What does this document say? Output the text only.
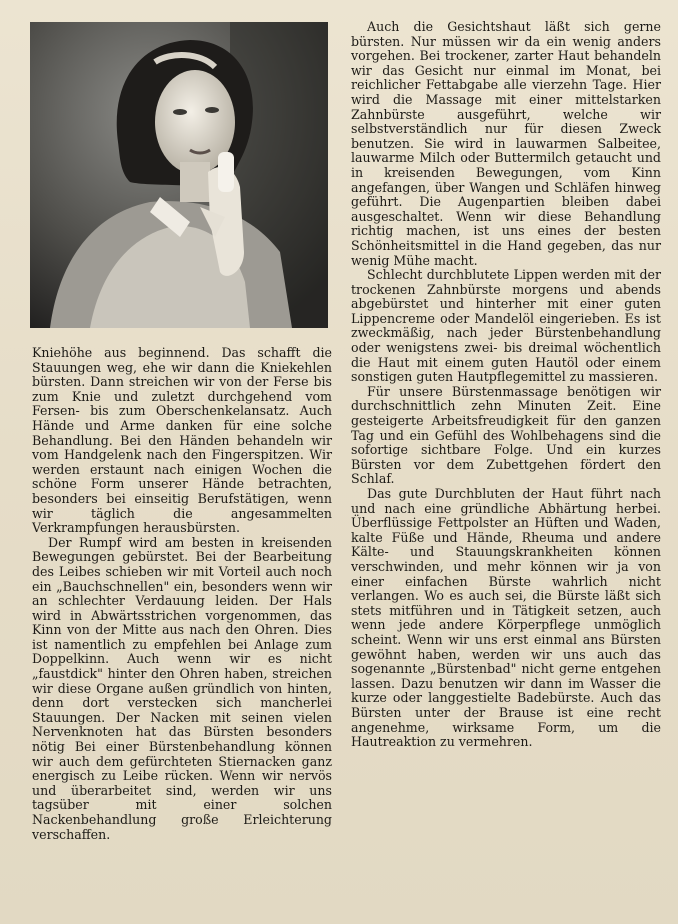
Kniehöhe aus beginnend. Das schafft die Stauungen weg, ehe wir dann die Kniekehlen bürsten. Dann streichen wir von der Ferse bis zum Knie und zuletzt durchgehend vom Fersen- bis zum Oberschenkelansatz. Auch Hände und Arme danken für eine solche Behandlung. Bei den Händen behandeln wir vom Handgelenk nach den Fingerspitzen. Wir werden erstaunt nach einigen Wochen die schöne Form unserer Hände betrachten, besonders bei einseitig Berufstätigen, wenn wir täglich die angesammelten Verkrampfungen herausbürsten.

Der Rumpf wird am besten in kreisenden Bewegungen gebürstet. Bei der Bearbeitung des Leibes schieben wir mit Vorteil auch noch ein „Bauchschnellen" ein, besonders wenn wir an schlechter Verdauung leiden. Der Hals wird in Abwärtsstrichen vorgenommen, das Kinn von der Mitte aus nach den Ohren. Dies ist namentlich zu empfehlen bei Anlage zum Doppelkinn. Auch wenn wir es nicht „faustdick" hinter den Ohren haben, streichen wir diese Organe außen gründlich von hinten, denn dort verstecken sich mancherlei Stauungen. Der Nacken mit seinen vielen Nervenknoten hat das Bürsten besonders nötig Bei einer Bürstenbehandlung können wir auch dem gefürchteten Stiernacken ganz energisch zu Leibe rücken. Wenn wir nervös und überarbeitet sind, werden wir uns tagsüber mit einer solchen Nackenbehandlung große Erleichterung verschaffen.

Auch die Gesichtshaut läßt sich gerne bürsten. Nur müssen wir da ein wenig anders vorgehen. Bei trockener, zarter Haut behandeln wir das Gesicht nur einmal im Monat, bei reichlicher Fettabgabe alle vierzehn Tage. Hier wird die Massage mit einer mittelstarken Zahnbürste ausgeführt, welche wir selbstverständlich nur für diesen Zweck benutzen. Sie wird in lauwarmen Salbeitee, lauwarme Milch oder Buttermilch getaucht und in kreisenden Bewegungen, vom Kinn angefangen, über Wangen und Schläfen hinweg geführt. Die Augenpartien bleiben dabei ausgeschaltet. Wenn wir diese Behandlung richtig machen, ist uns eines der besten Schönheitsmittel in die Hand gegeben, das nur wenig Mühe macht.

Schlecht durchblutete Lippen werden mit der trockenen Zahnbürste morgens und abends abgebürstet und hinterher mit einer guten Lippencreme oder Mandelöl eingerieben. Es ist zweckmäßig, nach jeder Bürstenbehandlung oder wenigstens zwei- bis dreimal wöchentlich die Haut mit einem guten Hautöl oder einem sonstigen guten Hautpflegemittel zu massieren.

Für unsere Bürstenmassage benötigen wir durchschnittlich zehn Minuten Zeit. Eine gesteigerte Arbeitsfreudigkeit für den ganzen Tag und ein Gefühl des Wohlbehagens sind die sofortige sichtbare Folge. Und ein kurzes Bürsten vor dem Zubettgehen fördert den Schlaf.

Das gute Durchbluten der Haut führt nach und nach eine gründliche Abhärtung herbei. Überflüssige Fettpolster an Hüften und Waden, kalte Füße und Hände, Rheuma und andere Kälte- und Stauungskrankheiten können verschwinden, und mehr können wir ja von einer einfachen Bürste wahrlich nicht verlangen. Wo es auch sei, die Bürste läßt sich stets mitführen und in Tätigkeit setzen, auch wenn jede andere Körperpflege unmöglich scheint. Wenn wir uns erst einmal ans Bürsten gewöhnt haben, werden wir uns auch das sogenannte „Bürstenbad" nicht gerne entgehen lassen. Dazu benutzen wir dann im Wasser die kurze oder langgestielte Badebürste. Auch das Bürsten unter der Brause ist eine recht angenehme, wirksame Form, um die Hautreaktion zu vermehren.
